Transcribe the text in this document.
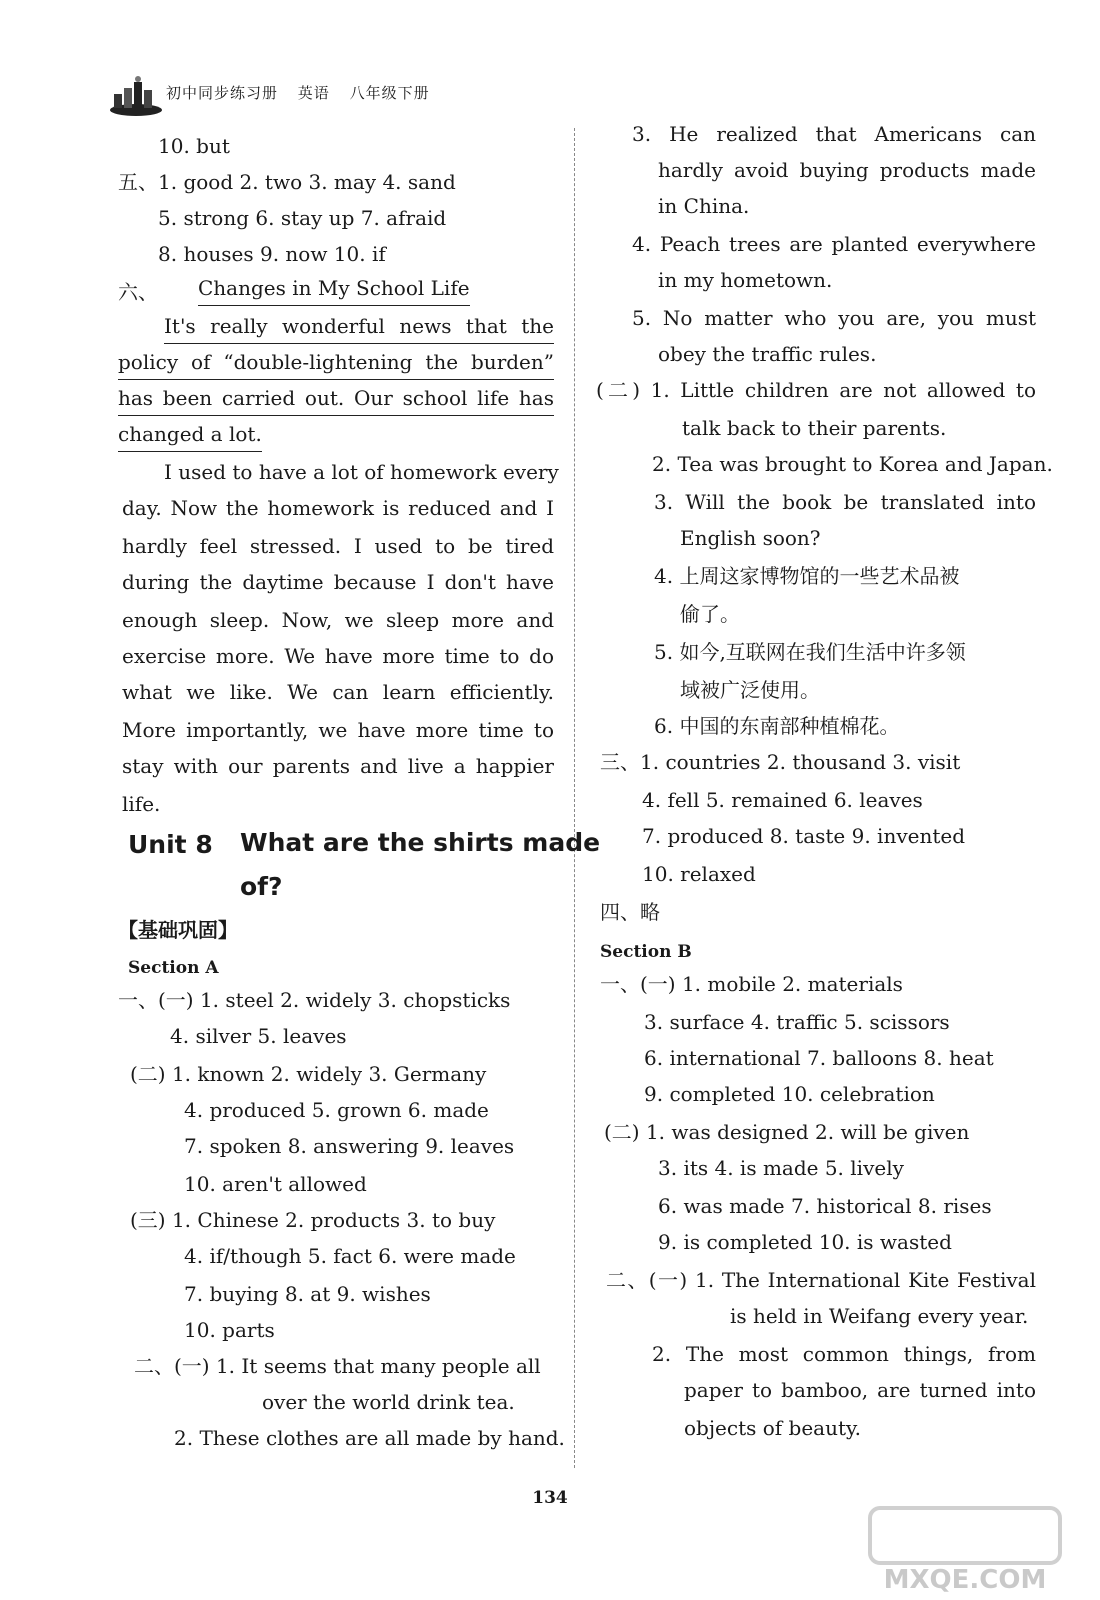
初中同步练习册 英语 八年级下册
10. but
五、1. good 2. two 3. may 4. sand
5. strong 6. stay up 7. afraid
8. houses 9. now 10. if
六、 Changes in My School Life
It's really wonderful news that the
policy of “double-lightening the burden”
has been carried out. Our school life has
changed a lot.
I used to have a lot of homework every
day. Now the homework is reduced and I
hardly feel stressed. I used to be tired
during the daytime because I don't have
enough sleep. Now, we sleep more and
exercise more. We have more time to do
what we like. We can learn efficiently.
More importantly, we have more time to
stay with our parents and live a happier
life.
Unit 8 What are the shirts made
of?
【基础巩固】
Section A
一、(一) 1. steel 2. widely 3. chopsticks
4. silver 5. leaves
(二) 1. known 2. widely 3. Germany
4. produced 5. grown 6. made
7. spoken 8. answering 9. leaves
10. aren't allowed
(三) 1. Chinese 2. products 3. to buy
4. if/though 5. fact 6. were made
7. buying 8. at 9. wishes
10. parts
二、(一) 1. It seems that many people all
over the world drink tea.
2. These clothes are all made by hand.
3. He realized that Americans can
hardly avoid buying products made
in China.
4. Peach trees are planted everywhere
in my hometown.
5. No matter who you are, you must
obey the traffic rules.
(二) 1. Little children are not allowed to
talk back to their parents.
2. Tea was brought to Korea and Japan.
3. Will the book be translated into
English soon?
4. 上周这家博物馆的一些艺术品被
偷了。
5. 如今,互联网在我们生活中许多领
域被广泛使用。
6. 中国的东南部种植棉花。
三、1. countries 2. thousand 3. visit
4. fell 5. remained 6. leaves
7. produced 8. taste 9. invented
10. relaxed
四、略
Section B
一、(一) 1. mobile 2. materials
3. surface 4. traffic 5. scissors
6. international 7. balloons 8. heat
9. completed 10. celebration
(二) 1. was designed 2. will be given
3. its 4. is made 5. lively
6. was made 7. historical 8. rises
9. is completed 10. is wasted
二、(一) 1. The International Kite Festival
is held in Weifang every year.
2. The most common things, from
paper to bamboo, are turned into
objects of beauty.
134
MXQE.COM
